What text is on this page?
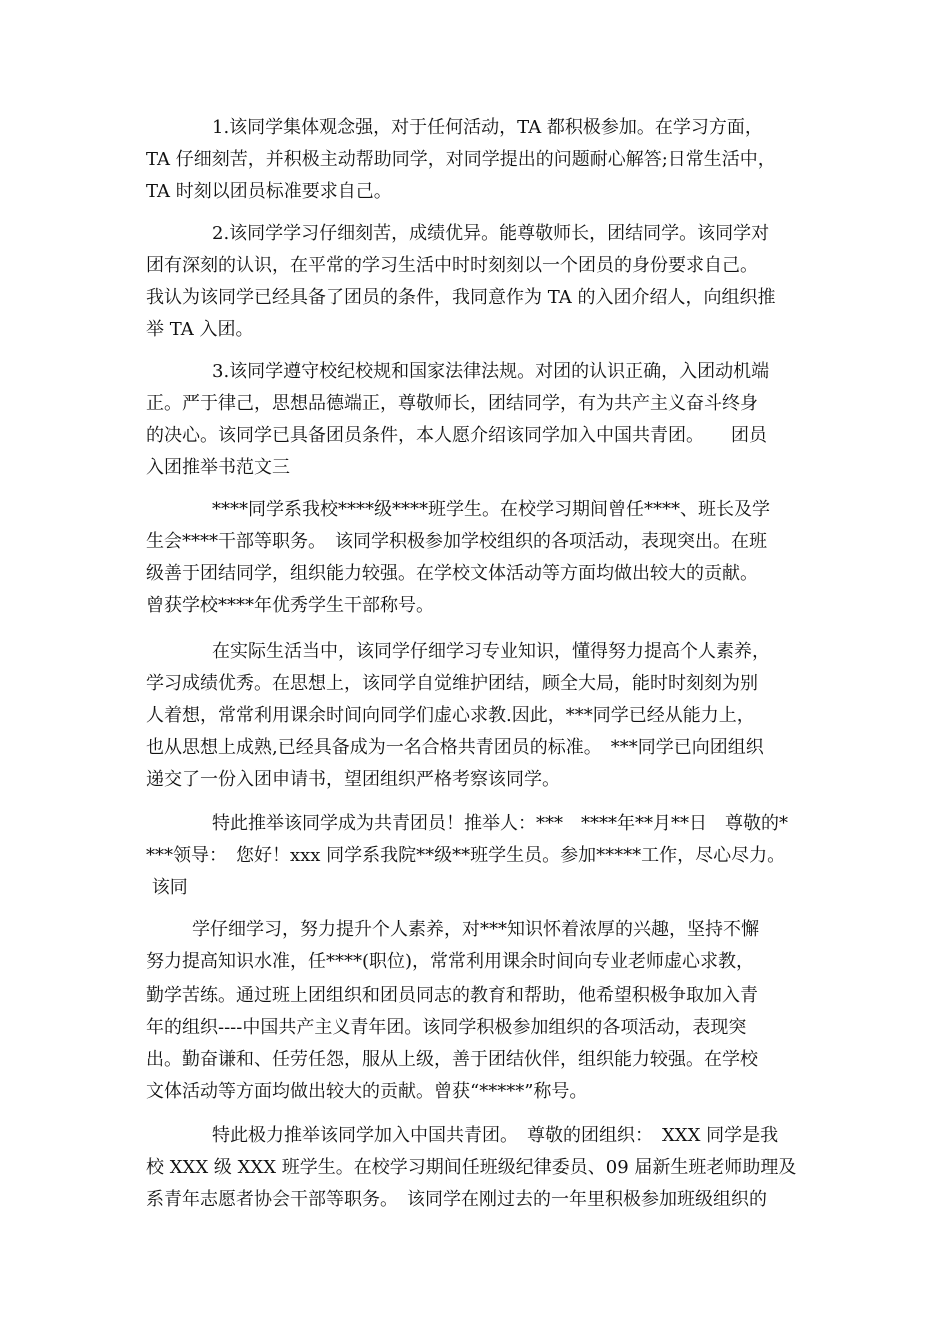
1.该同学集体观念强，对于任何活动，TA 都积极参加。在学习方面，
TA 仔细刻苦，并积极主动帮助同学，对同学提出的问题耐心解答;日常生活中，
TA 时刻以团员标准要求自己。
2.该同学学习仔细刻苦，成绩优异。能尊敬师长，团结同学。该同学对
团有深刻的认识，在平常的学习生活中时时刻刻以一个团员的身份要求自己。
我认为该同学已经具备了团员的条件，我同意作为 TA 的入团介绍人，向组织推
举 TA 入团。
3.该同学遵守校纪校规和国家法律法规。对团的认识正确，入团动机端
正。严于律己，思想品德端正，尊敬师长，团结同学，有为共产主义奋斗终身
的决心。该同学已具备团员条件，本人愿介绍该同学加入中国共青团。　　团员
入团推举书范文三
****同学系我校****级****班学生。在校学习期间曾任****、班长及学
生会****干部等职务。　该同学积极参加学校组织的各项活动，表现突出。在班
级善于团结同学，组织能力较强。在学校文体活动等方面均做出较大的贡献。
曾获学校****年优秀学生干部称号。
在实际生活当中，该同学仔细学习专业知识，懂得努力提高个人素养，
学习成绩优秀。在思想上，该同学自觉维护团结，顾全大局，能时时刻刻为别
人着想，常常利用课余时间向同学们虚心求教.因此，***同学已经从能力上，
也从思想上成熟,已经具备成为一名合格共青团员的标准。　***同学已向团组织
递交了一份入团申请书，望团组织严格考察该同学。
特此推举该同学成为共青团员！推举人：***　****年**月**日　尊敬的*
***领导：　您好！xxx 同学系我院**级**班学生员。参加*****工作，尽心尽力。
该同
学仔细学习，努力提升个人素养，对***知识怀着浓厚的兴趣，坚持不懈
努力提高知识水准，任****(职位)，常常利用课余时间向专业老师虚心求教，
勤学苦练。通过班上团组织和团员同志的教育和帮助，他希望积极争取加入青
年的组织----中国共产主义青年团。该同学积极参加组织的各项活动，表现突
出。勤奋谦和、任劳任怨，服从上级，善于团结伙伴，组织能力较强。在学校
文体活动等方面均做出较大的贡献。曾获“*****”称号。
特此极力推举该同学加入中国共青团。　尊敬的团组织：　XXX 同学是我
校 XXX 级 XXX 班学生。在校学习期间任班级纪律委员、09 届新生班老师助理及
系青年志愿者协会干部等职务。　该同学在刚过去的一年里积极参加班级组织的
